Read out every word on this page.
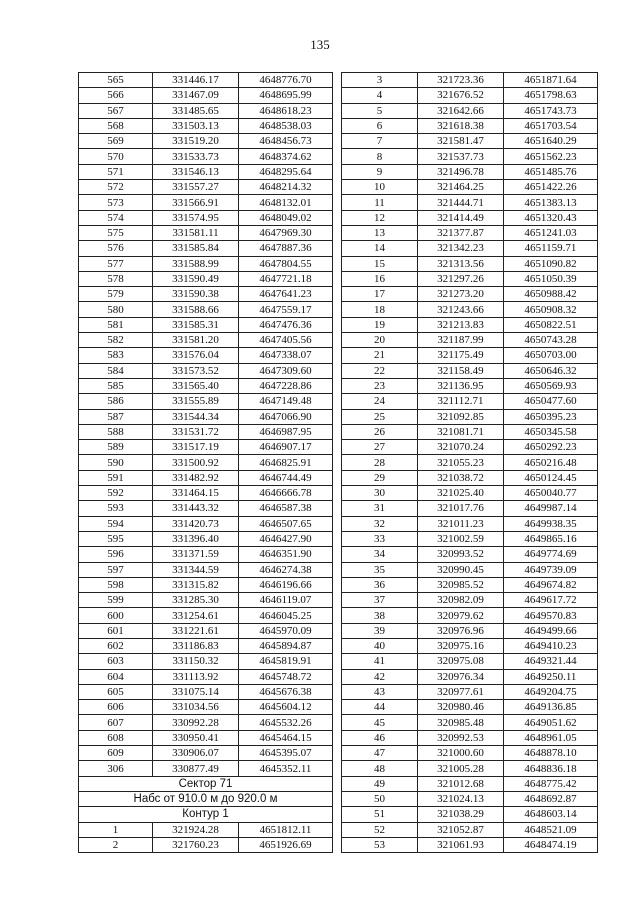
135
565	331446.17	4648776.70
566	331467.09	4648695.99
567	331485.65	4648618.23
568	331503.13	4648538.03
569	331519.20	4648456.73
570	331533.73	4648374.62
571	331546.13	4648295.64
572	331557.27	4648214.32
573	331566.91	4648132.01
574	331574.95	4648049.02
575	331581.11	4647969.30
576	331585.84	4647887.36
577	331588.99	4647804.55
578	331590.49	4647721.18
579	331590.38	4647641.23
580	331588.66	4647559.17
581	331585.31	4647476.36
582	331581.20	4647405.56
583	331576.04	4647338.07
584	331573.52	4647309.60
585	331565.40	4647228.86
586	331555.89	4647149.48
587	331544.34	4647066.90
588	331531.72	4646987.95
589	331517.19	4646907.17
590	331500.92	4646825.91
591	331482.92	4646744.49
592	331464.15	4646666.78
593	331443.32	4646587.38
594	331420.73	4646507.65
595	331396.40	4646427.90
596	331371.59	4646351.90
597	331344.59	4646274.38
598	331315.82	4646196.66
599	331285.30	4646119.07
600	331254.61	4646045.25
601	331221.61	4645970.09
602	331186.83	4645894.87
603	331150.32	4645819.91
604	331113.92	4645748.72
605	331075.14	4645676.38
606	331034.56	4645604.12
607	330992.28	4645532.26
608	330950.41	4645464.15
609	330906.07	4645395.07
306	330877.49	4645352.11
Сектор 71		
Набс от 910.0 м до 920.0 м		
Контур 1		
1	321924.28	4651812.11
2	321760.23	4651926.69
3	321723.36	4651871.64
4	321676.52	4651798.63
5	321642.66	4651743.73
6	321618.38	4651703.54
7	321581.47	4651640.29
8	321537.73	4651562.23
9	321496.78	4651485.76
10	321464.25	4651422.26
11	321444.71	4651383.13
12	321414.49	4651320.43
13	321377.87	4651241.03
14	321342.23	4651159.71
15	321313.56	4651090.82
16	321297.26	4651050.39
17	321273.20	4650988.42
18	321243.66	4650908.32
19	321213.83	4650822.51
20	321187.99	4650743.28
21	321175.49	4650703.00
22	321158.49	4650646.32
23	321136.95	4650569.93
24	321112.71	4650477.60
25	321092.85	4650395.23
26	321081.71	4650345.58
27	321070.24	4650292.23
28	321055.23	4650216.48
29	321038.72	4650124.45
30	321025.40	4650040.77
31	321017.76	4649987.14
32	321011.23	4649938.35
33	321002.59	4649865.16
34	320993.52	4649774.69
35	320990.45	4649739.09
36	320985.52	4649674.82
37	320982.09	4649617.72
38	320979.62	4649570.83
39	320976.96	4649499.66
40	320975.16	4649410.23
41	320975.08	4649321.44
42	320976.34	4649250.11
43	320977.61	4649204.75
44	320980.46	4649136.85
45	320985.48	4649051.62
46	320992.53	4648961.05
47	321000.60	4648878.10
48	321005.28	4648836.18
49	321012.68	4648775.42
50	321024.13	4648692.87
51	321038.29	4648603.14
52	321052.87	4648521.09
53	321061.93	4648474.19
